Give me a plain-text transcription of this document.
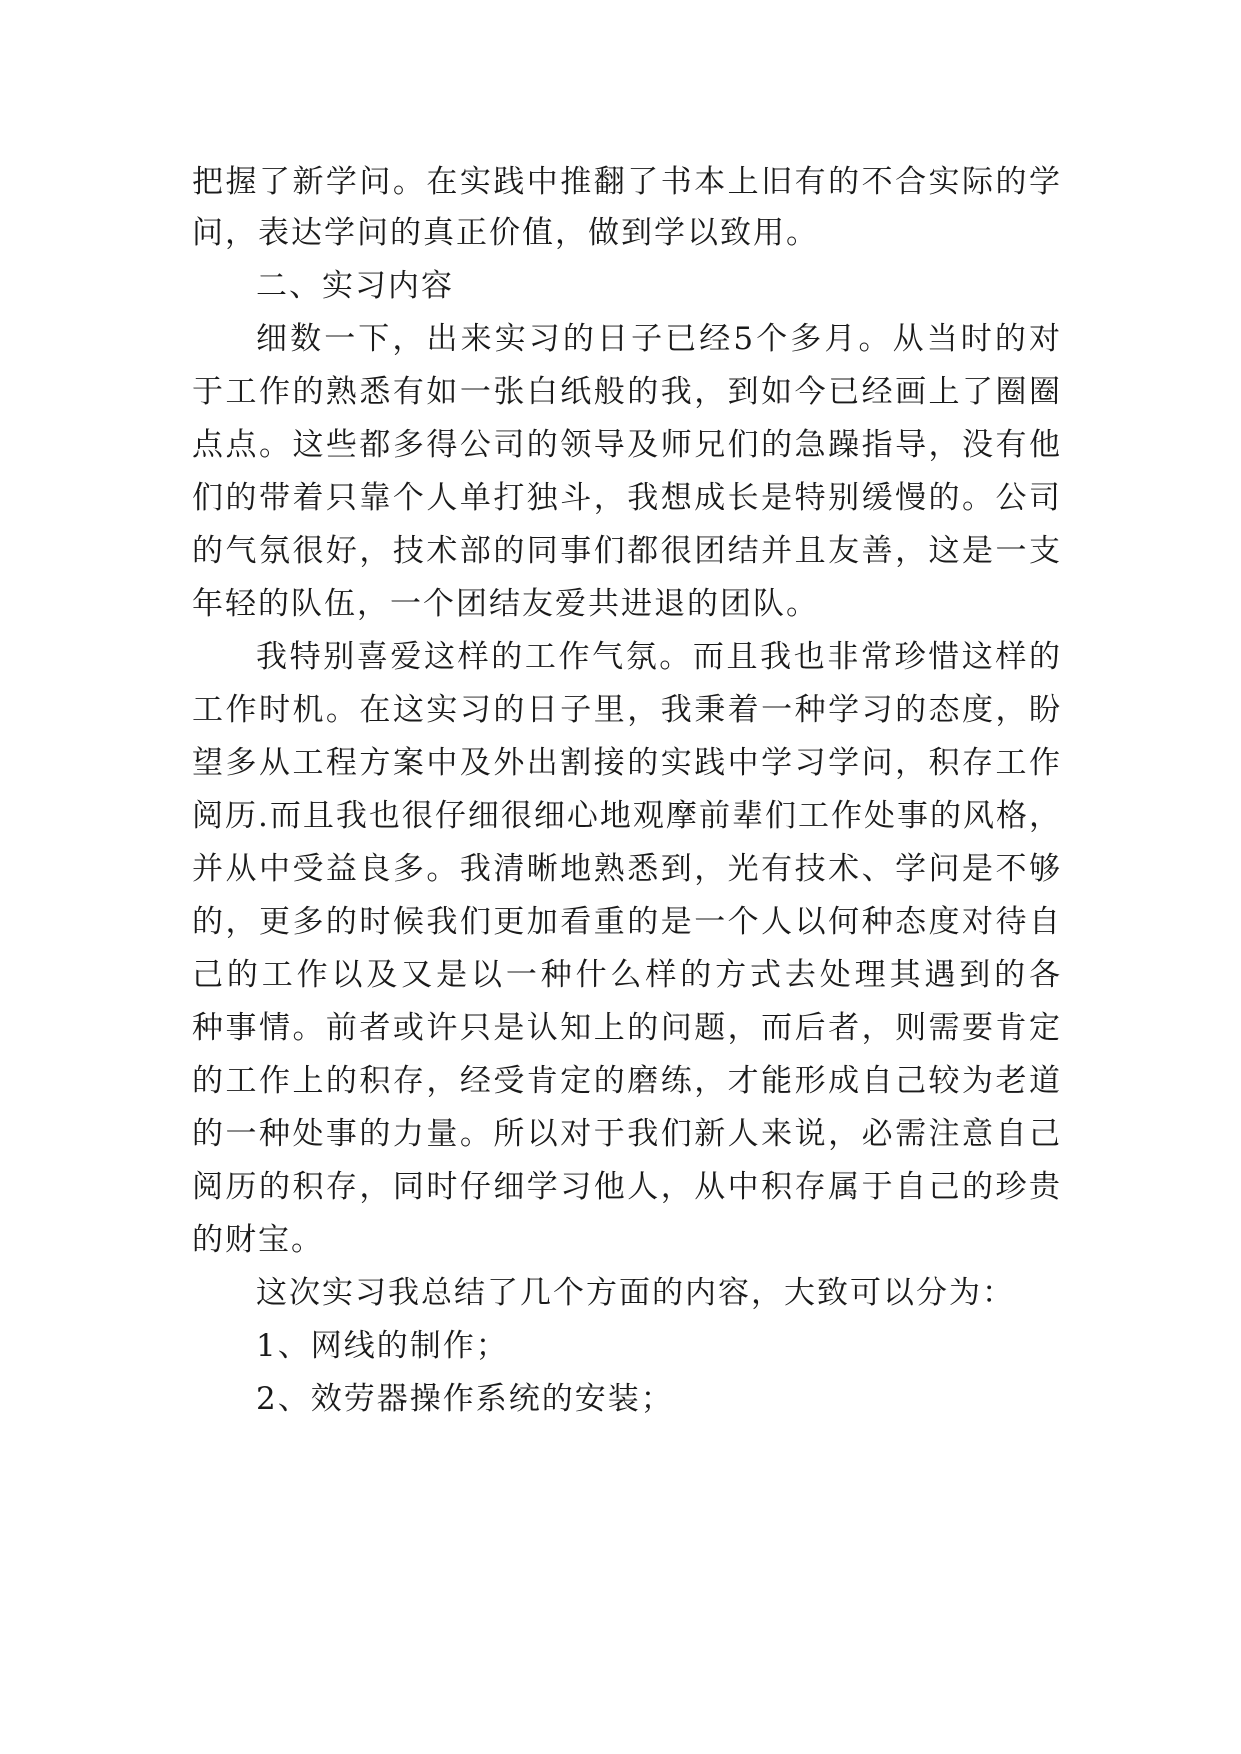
把握了新学问。在实践中推翻了书本上旧有的不合实际的学
问，表达学问的真正价值，做到学以致用。
二、实习内容
细数一下，出来实习的日子已经5个多月。从当时的对
于工作的熟悉有如一张白纸般的我，到如今已经画上了圈圈
点点。这些都多得公司的领导及师兄们的急躁指导，没有他
们的带着只靠个人单打独斗，我想成长是特别缓慢的。公司
的气氛很好，技术部的同事们都很团结并且友善，这是一支
年轻的队伍，一个团结友爱共进退的团队。
我特别喜爱这样的工作气氛。而且我也非常珍惜这样的
工作时机。在这实习的日子里，我秉着一种学习的态度，盼
望多从工程方案中及外出割接的实践中学习学问，积存工作
阅历.而且我也很仔细很细心地观摩前辈们工作处事的风格，
并从中受益良多。我清晰地熟悉到，光有技术、学问是不够
的，更多的时候我们更加看重的是一个人以何种态度对待自
己的工作以及又是以一种什么样的方式去处理其遇到的各
种事情。前者或许只是认知上的问题，而后者，则需要肯定
的工作上的积存，经受肯定的磨练，才能形成自己较为老道
的一种处事的力量。所以对于我们新人来说，必需注意自己
阅历的积存，同时仔细学习他人，从中积存属于自己的珍贵
的财宝。
这次实习我总结了几个方面的内容，大致可以分为：
1、网线的制作；
2、效劳器操作系统的安装；
